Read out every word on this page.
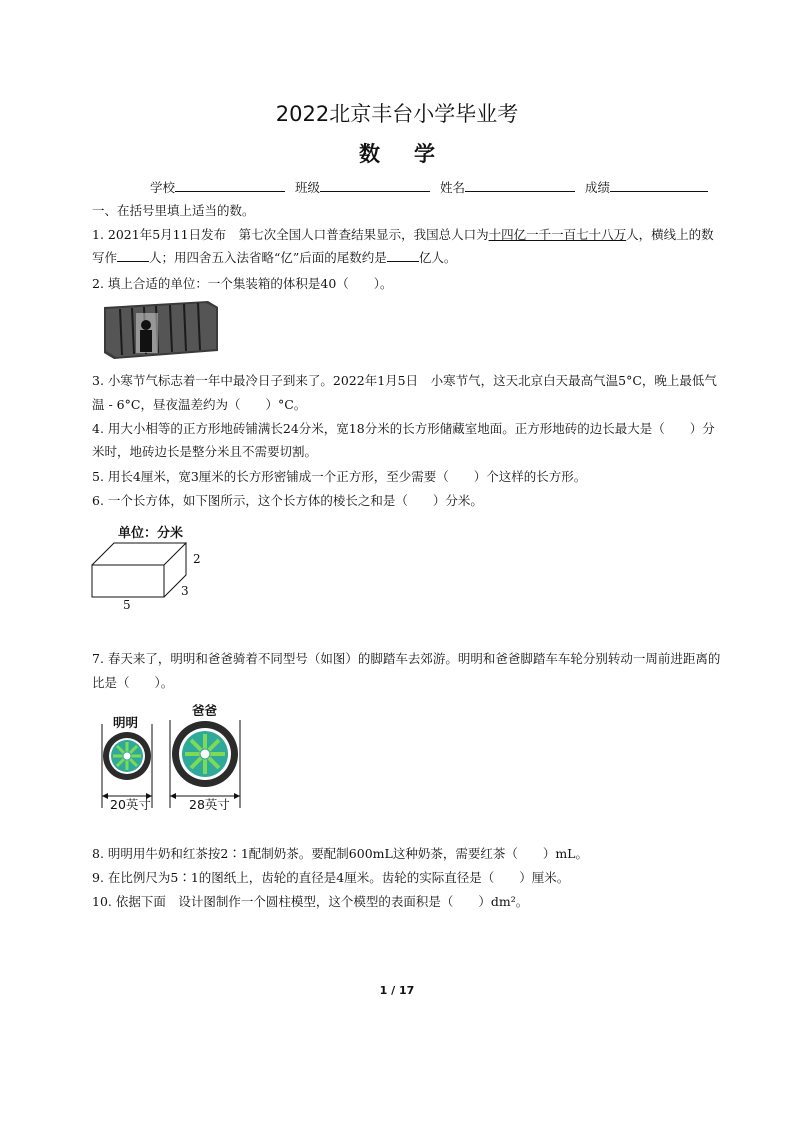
2022北京丰台小学毕业考
数学
学校	班级	姓名	成绩
一、在括号里填上适当的数。
1. 2021年5月11日发布　第七次全国人口普查结果显示，我国总人口为十四亿一千一百七十八万人，横线上的数
写作	人；用四舍五入法省略“亿”后面的尾数约是	亿人。
2. 填上合适的单位：一个集装箱的体积是40（　　）。
3. 小寒节气标志着一年中最冷日子到来了。2022年1月5日　小寒节气，这天北京白天最高气温5°C，晚上最低气
温 - 6°C，昼夜温差约为（　　）°C。
4. 用大小相等的正方形地砖铺满长24分米，宽18分米的长方形储藏室地面。正方形地砖的边长最大是（　　）分
米时，地砖边长是整分米且不需要切割。
5. 用长4厘米，宽3厘米的长方形密铺成一个正方形，至少需要（　　）个这样的长方形。
6. 一个长方体，如下图所示，这个长方体的棱长之和是（　　）分米。
单位：分米
2
3
5
7. 春天来了，明明和爸爸骑着不同型号（如图）的脚踏车去郊游。明明和爸爸脚踏车车轮分别转动一周前进距离的
比是（　　）。
明明
爸爸
20英寸	28英寸
8. 明明用牛奶和红茶按2∶1配制奶茶。要配制600mL这种奶茶，需要红茶（　　）mL。
9. 在比例尺为5∶1的图纸上，齿轮的直径是4厘米。齿轮的实际直径是（　　）厘米。
10. 依据下面　设计图制作一个圆柱模型，这个模型的表面积是（　　）dm²。
1 / 17
